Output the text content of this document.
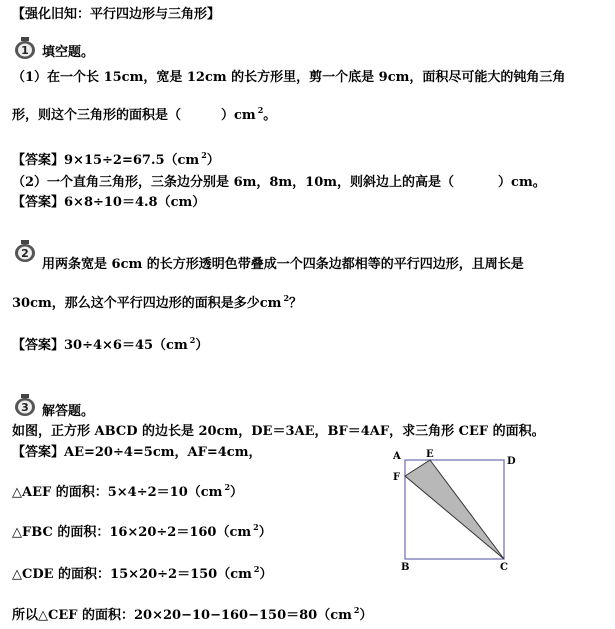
【强化旧知：平行四边形与三角形】
1 填空题。
（1）在一个长 15cm，宽是 12cm 的长方形里，剪一个底是 9cm，面积尽可能大的钝角三角
形，则这个三角形的面积是（	）cm $^2$。
【答案】9×15÷2=67.5（cm $^2$）
（2）一个直角三角形，三条边分别是 6m，8m，10m，则斜边上的高是（	）cm。
【答案】6×8÷10＝4.8（cm）
2
用两条宽是 6cm 的长方形透明色带叠成一个四条边都相等的平行四边形，且周长是
30cm，那么这个平行四边形的面积是多少cm $^2$？
【答案】30÷4×6＝45（cm $^2$）
3 解答题。
如图，正方形 ABCD 的边长是 20cm，DE＝3AE，BF＝4AF，求三角形 CEF 的面积。
【答案】AE=20÷4=5cm，AF=4cm，
△AEF 的面积：5×4÷2＝10（cm $^2$）
△FBC 的面积：16×20÷2＝160（cm $^2$）
△CDE 的面积：15×20÷2＝150（cm $^2$）
所以△CEF 的面积：20×20−10−160−150＝80（cm $^2$）
A	E
D
F
B	C
